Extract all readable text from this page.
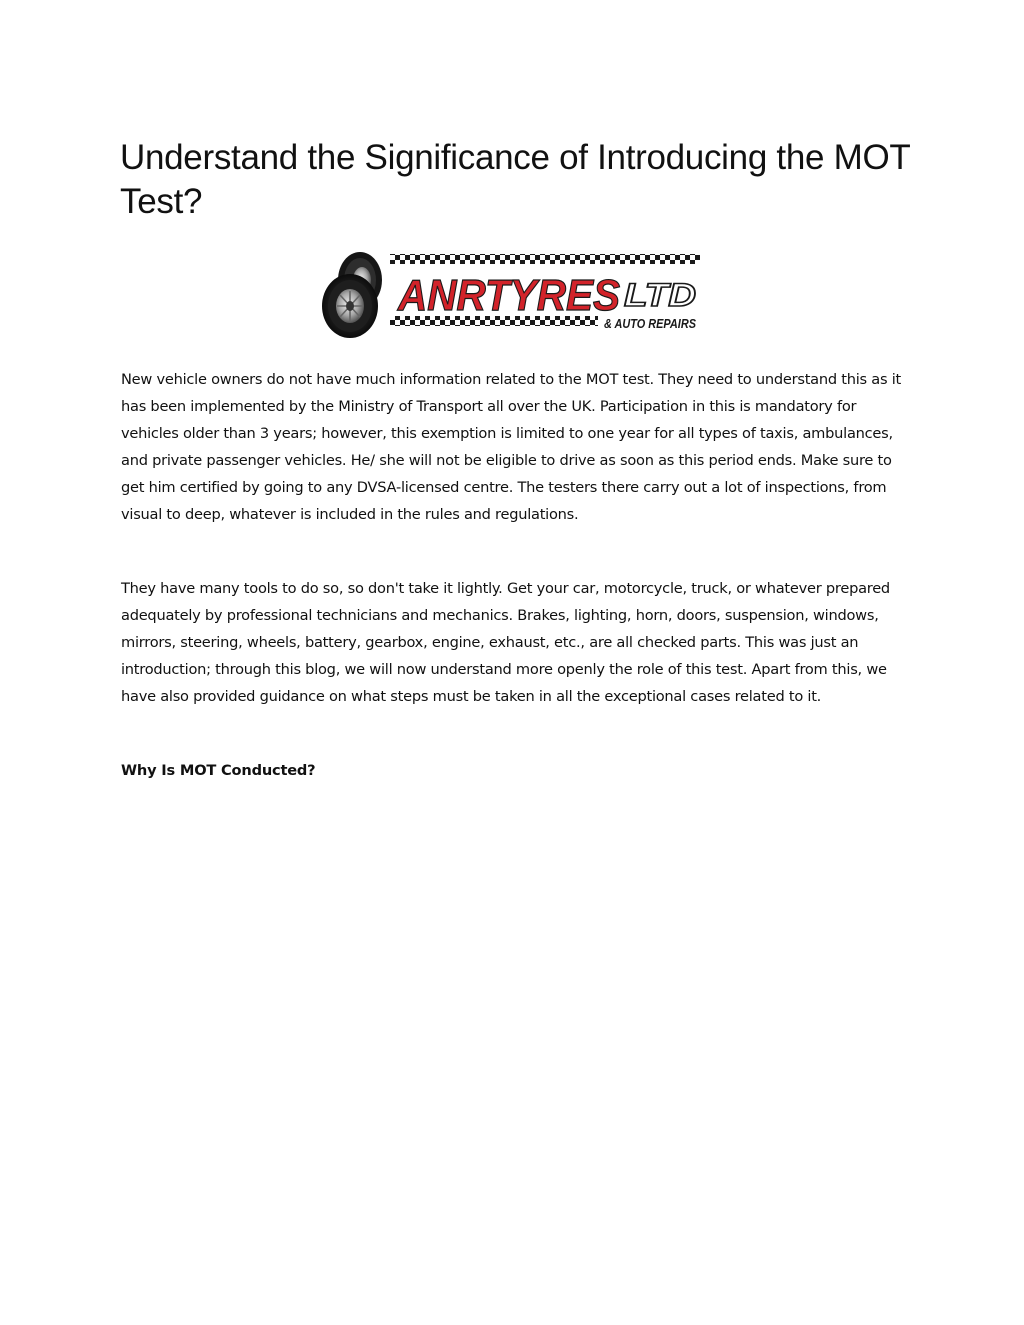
Understand the Significance of Introducing the MOT Test?
ANRTYRES LTD
& AUTO REPAIRS

New vehicle owners do not have much information related to the MOT test. They need to understand this as it has been implemented by the Ministry of Transport all over the UK. Participation in this is mandatory for vehicles older than 3 years; however, this exemption is limited to one year for all types of taxis, ambulances, and private passenger vehicles. He/ she will not be eligible to drive as soon as this period ends. Make sure to get him certified by going to any DVSA-licensed centre. The testers there carry out a lot of inspections, from visual to deep, whatever is included in the rules and regulations.

They have many tools to do so, so don't take it lightly. Get your car, motorcycle, truck, or whatever prepared adequately by professional technicians and mechanics. Brakes, lighting, horn, doors, suspension, windows, mirrors, steering, wheels, battery, gearbox, engine, exhaust, etc., are all checked parts. This was just an introduction; through this blog, we will now understand more openly the role of this test. Apart from this, we have also provided guidance on what steps must be taken in all the exceptional cases related to it.

Why Is MOT Conducted?
